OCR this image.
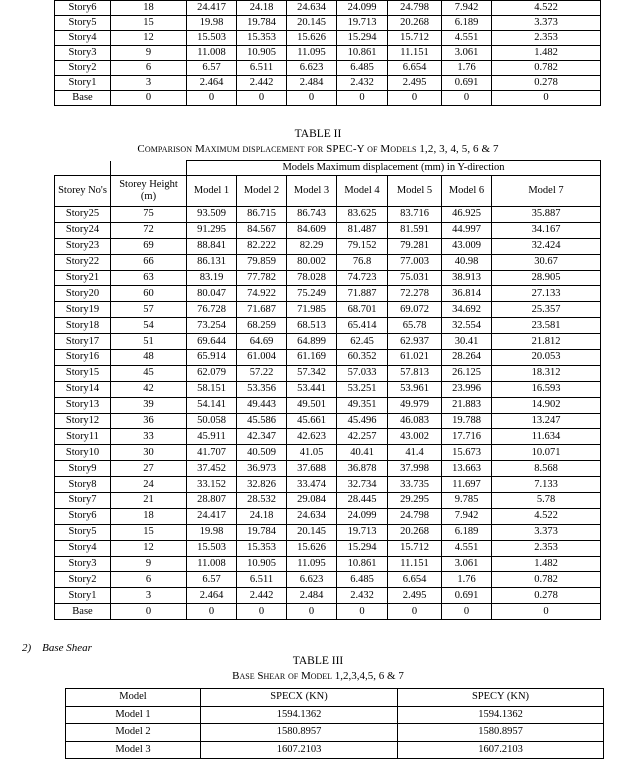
Story6	18	24.417	24.18	24.634	24.099	24.798	7.942	4.522
Story5	15	19.98	19.784	20.145	19.713	20.268	6.189	3.373
Story4	12	15.503	15.353	15.626	15.294	15.712	4.551	2.353
Story3	9	11.008	10.905	11.095	10.861	11.151	3.061	1.482
Story2	6	6.57	6.511	6.623	6.485	6.654	1.76	0.782
Story1	3	2.464	2.442	2.484	2.432	2.495	0.691	0.278
Base	0	0	0	0	0	0	0	0
TABLE II
Comparison Maximum displacement for SPEC-Y of Models 1,2, 3, 4, 5, 6 & 7
		Models Maximum displacement (mm) in Y-direction						
Storey No's	Storey Height (m)	Model 1	Model 2	Model 3	Model 4	Model 5	Model 6	Model 7
Story25	75	93.509	86.715	86.743	83.625	83.716	46.925	35.887
Story24	72	91.295	84.567	84.609	81.487	81.591	44.997	34.167
Story23	69	88.841	82.222	82.29	79.152	79.281	43.009	32.424
Story22	66	86.131	79.859	80.002	76.8	77.003	40.98	30.67
Story21	63	83.19	77.782	78.028	74.723	75.031	38.913	28.905
Story20	60	80.047	74.922	75.249	71.887	72.278	36.814	27.133
Story19	57	76.728	71.687	71.985	68.701	69.072	34.692	25.357
Story18	54	73.254	68.259	68.513	65.414	65.78	32.554	23.581
Story17	51	69.644	64.69	64.899	62.45	62.937	30.41	21.812
Story16	48	65.914	61.004	61.169	60.352	61.021	28.264	20.053
Story15	45	62.079	57.22	57.342	57.033	57.813	26.125	18.312
Story14	42	58.151	53.356	53.441	53.251	53.961	23.996	16.593
Story13	39	54.141	49.443	49.501	49.351	49.979	21.883	14.902
Story12	36	50.058	45.586	45.661	45.496	46.083	19.788	13.247
Story11	33	45.911	42.347	42.623	42.257	43.002	17.716	11.634
Story10	30	41.707	40.509	41.05	40.41	41.4	15.673	10.071
Story9	27	37.452	36.973	37.688	36.878	37.998	13.663	8.568
Story8	24	33.152	32.826	33.474	32.734	33.735	11.697	7.133
Story7	21	28.807	28.532	29.084	28.445	29.295	9.785	5.78
Story6	18	24.417	24.18	24.634	24.099	24.798	7.942	4.522
Story5	15	19.98	19.784	20.145	19.713	20.268	6.189	3.373
Story4	12	15.503	15.353	15.626	15.294	15.712	4.551	2.353
Story3	9	11.008	10.905	11.095	10.861	11.151	3.061	1.482
Story2	6	6.57	6.511	6.623	6.485	6.654	1.76	0.782
Story1	3	2.464	2.442	2.484	2.432	2.495	0.691	0.278
Base	0	0	0	0	0	0	0	0
2)    Base Shear
TABLE III
Base Shear of Model 1,2,3,4,5, 6 & 7
Model	SPECX (KN)	SPECY (KN)
Model 1	1594.1362	1594.1362
Model 2	1580.8957	1580.8957
Model 3	1607.2103	1607.2103
